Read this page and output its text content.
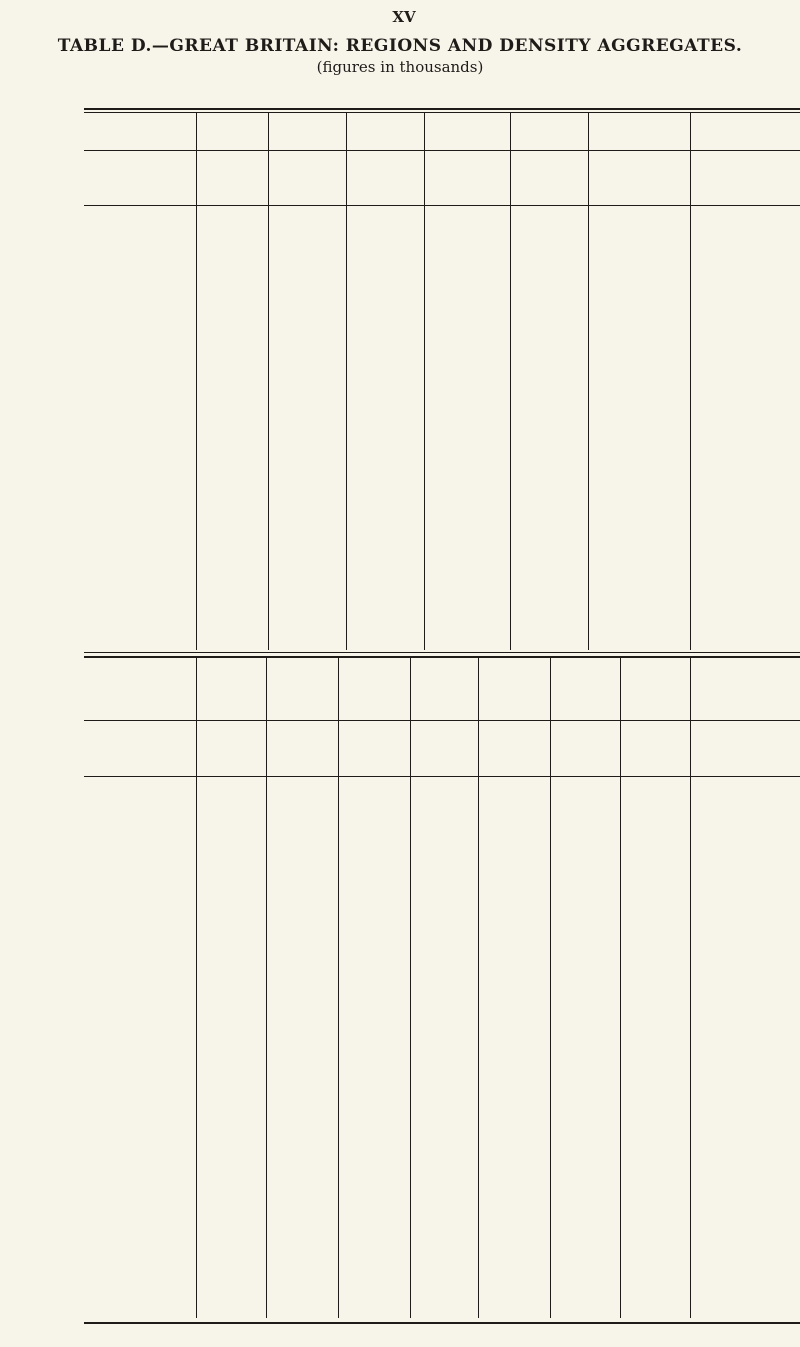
XV
TABLE D.—GREAT BRITAIN: REGIONS AND DENSITY AGGREGATES.
(figures in thousands)
